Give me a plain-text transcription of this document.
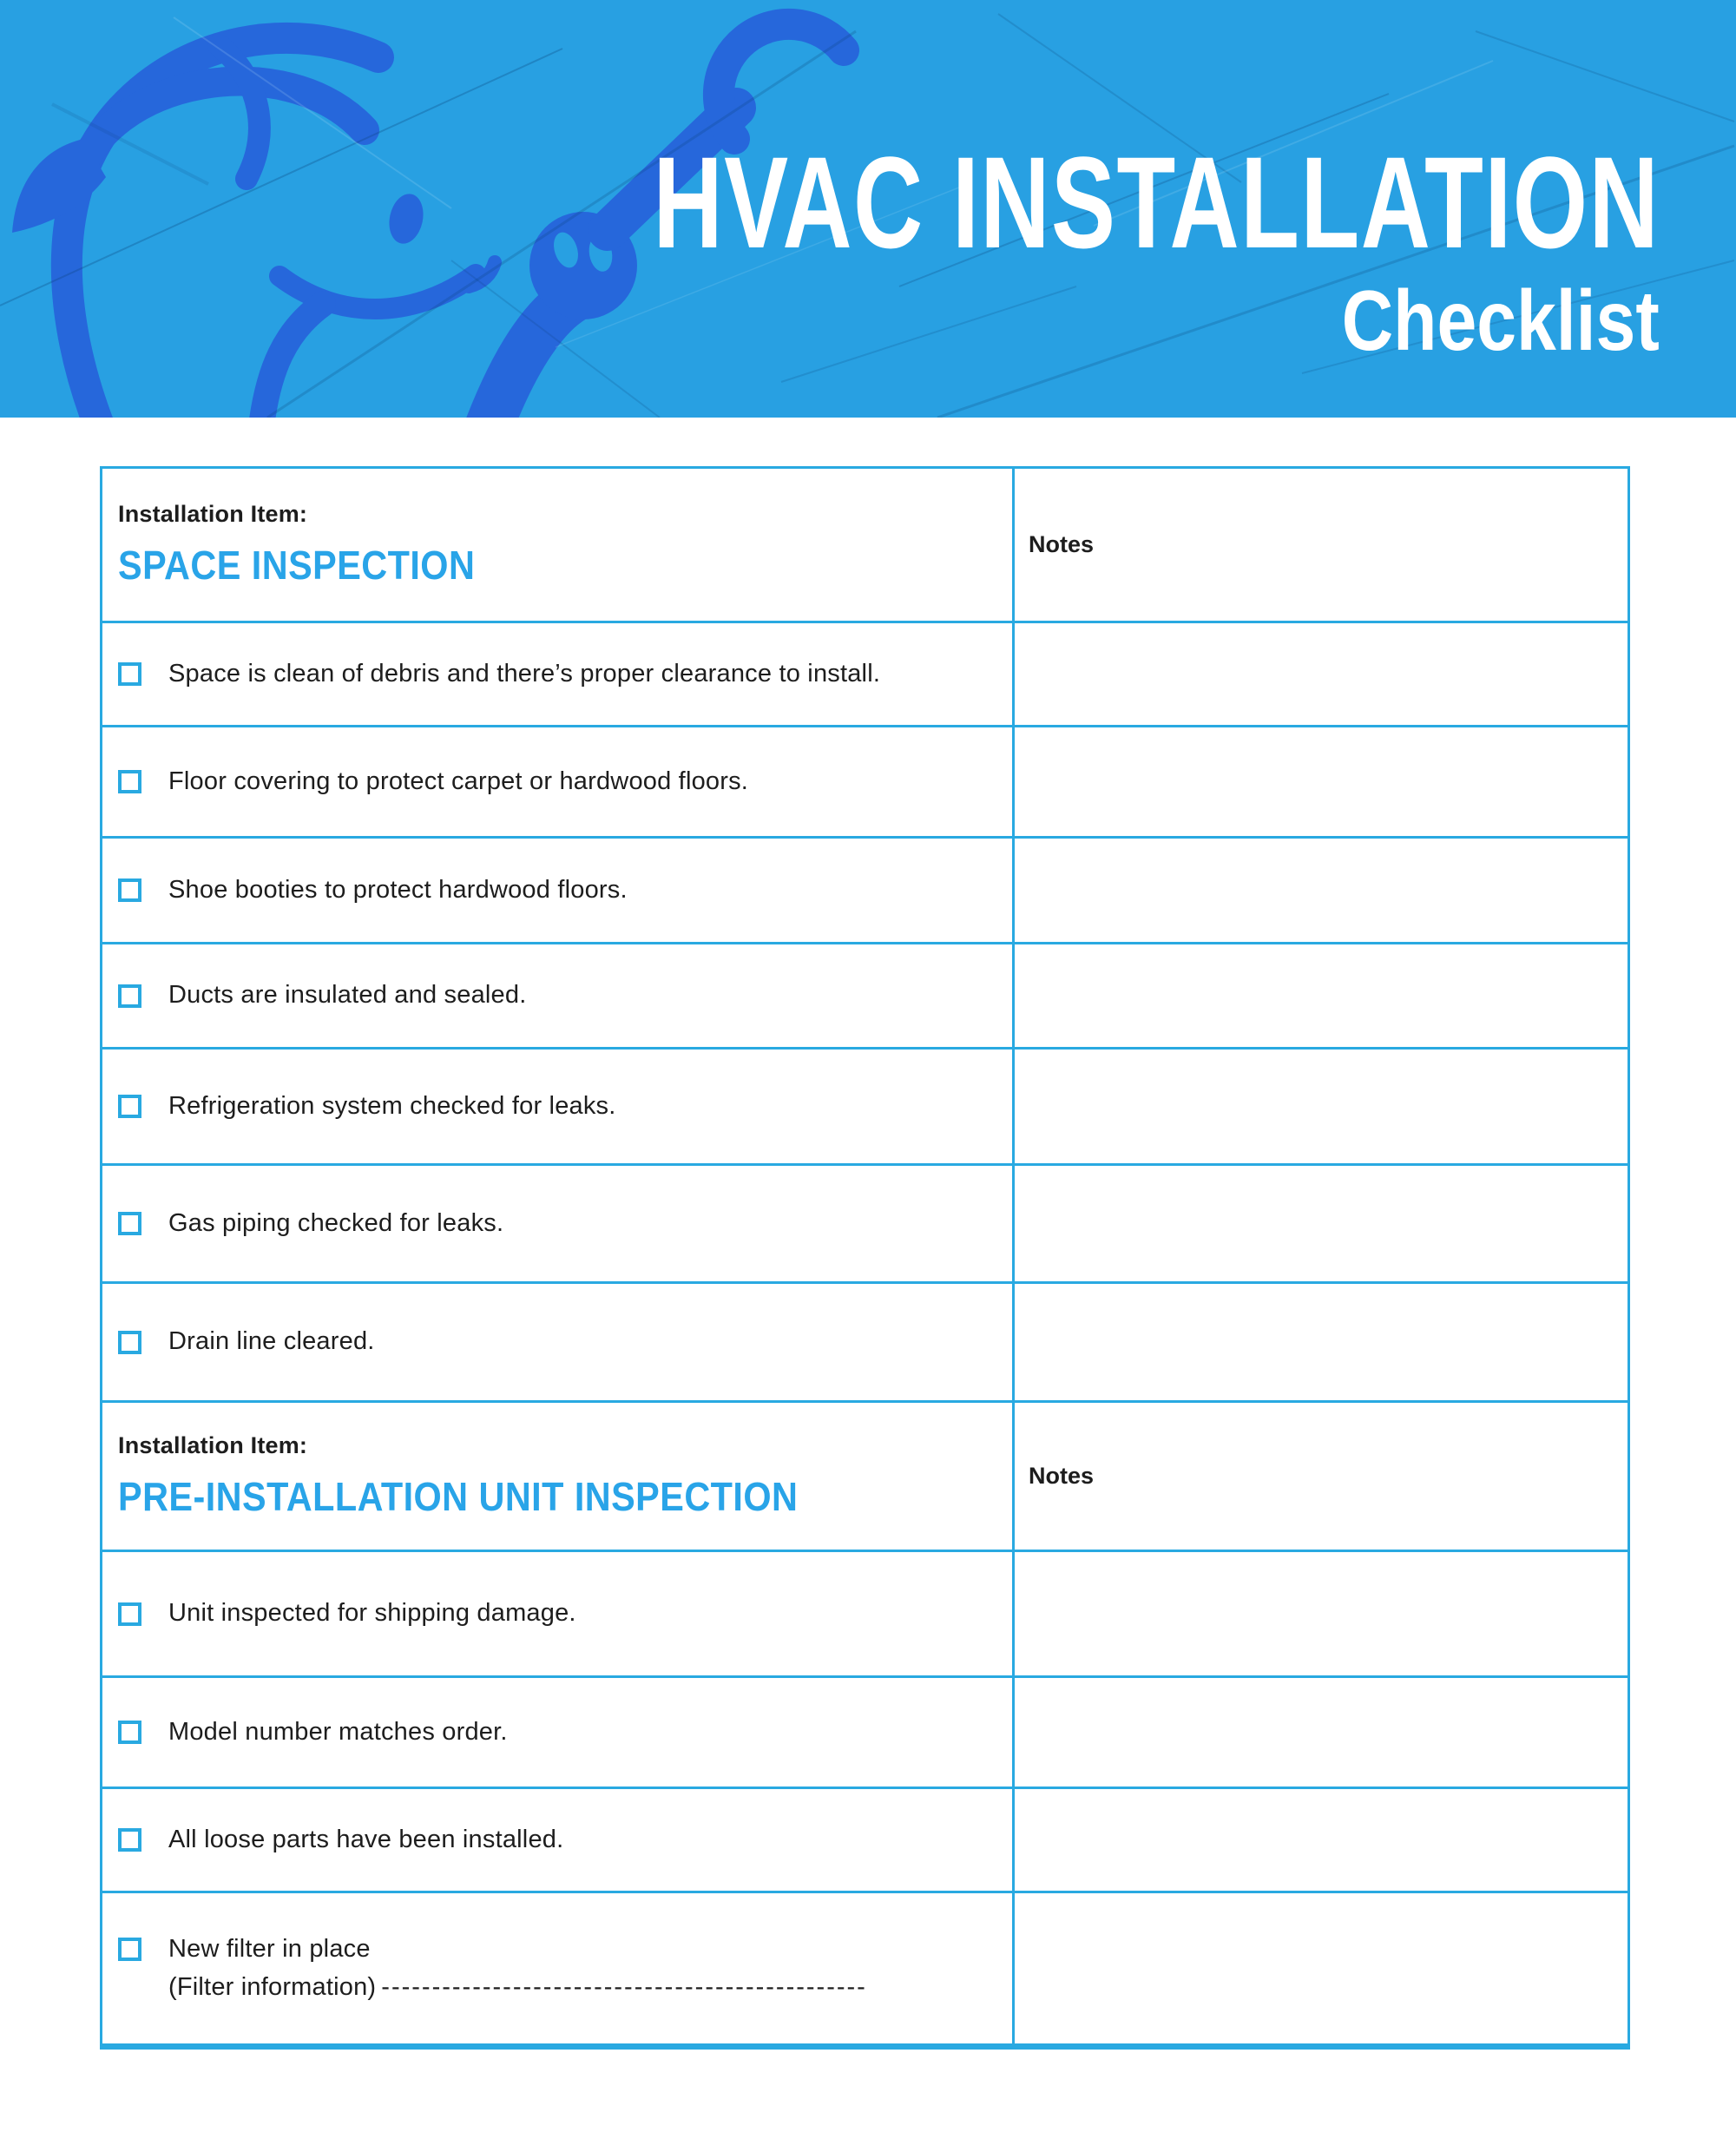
HVAC INSTALLATION
Checklist
Installation Item:
SPACE INSPECTION	Notes
Space is clean of debris and there’s proper clearance to install.
Floor covering to protect carpet or hardwood floors.
Shoe booties to protect hardwood floors.
Ducts are insulated and sealed.
Refrigeration system checked for leaks.
Gas piping checked for leaks.
Drain line cleared.
Installation Item:
PRE-INSTALLATION UNIT INSPECTION	Notes
Unit inspected for shipping damage.
Model number matches order.
All loose parts have been installed.
New filter in place
(Filter information) ------------------------------------------------
